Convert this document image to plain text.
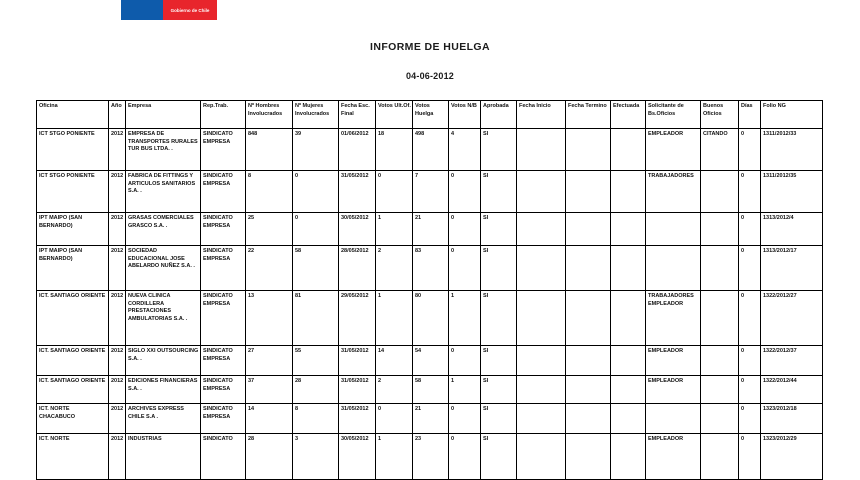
Gobierno de Chile
INFORME DE HUELGA
04-06-2012
Oficina	Año	Empresa	Rep.Trab.	Nº Hombres Involucrados	Nº Mujeres Involucrados	Fecha Esc. Final	Votos Ult.Of.	Votos Huelga	Votos N/B	Aprobada	Fecha Inicio	Fecha Termino	Efectuada	Solicitante de Bs.Oficios	Buenos Oficios	Días	Folio NG
ICT STGO PONIENTE	2012	EMPRESA DE TRANSPORTES RURALES TUR BUS LTDA. .	SINDICATO EMPRESA	848	39	01/06/2012	18	498	4	SI				EMPLEADOR	CITANDO	0	1311/2012/33
ICT STGO PONIENTE	2012	FABRICA DE FITTINGS Y ARTICULOS SANITARIOS S.A. .	SINDICATO EMPRESA	8	0	31/05/2012	0	7	0	SI				TRABAJADORES		0	1311/2012/35
IPT MAIPO (SAN BERNARDO)	2012	GRASAS COMERCIALES GRASCO S.A. .	SINDICATO EMPRESA	25	0	30/05/2012	1	21	0	SI						0	1313/2012/4
IPT MAIPO (SAN BERNARDO)	2012	SOCIEDAD EDUCACIONAL JOSE ABELARDO NUÑEZ S.A. .	SINDICATO EMPRESA	22	58	28/05/2012	2	83	0	SI						0	1313/2012/17
ICT. SANTIAGO ORIENTE	2012	NUEVA CLINICA CORDILLERA PRESTACIONES AMBULATORIAS S.A. .	SINDICATO EMPRESA	13	81	29/05/2012	1	80	1	SI				TRABAJADORES EMPLEADOR		0	1322/2012/27
ICT. SANTIAGO ORIENTE	2012	SIGLO XXI OUTSOURCING S.A. .	SINDICATO EMPRESA	27	55	31/05/2012	14	54	0	SI				EMPLEADOR		0	1322/2012/37
ICT. SANTIAGO ORIENTE	2012	EDICIONES FINANCIERAS S.A. .	SINDICATO EMPRESA	37	28	31/05/2012	2	58	1	SI				EMPLEADOR		0	1322/2012/44
ICT. NORTE CHACABUCO	2012	ARCHIVES EXPRESS CHILE S.A .	SINDICATO EMPRESA	14	8	31/05/2012	0	21	0	SI						0	1323/2012/18
ICT. NORTE	2012	INDUSTRIAS	SINDICATO	28	3	30/05/2012	1	23	0	SI				EMPLEADOR		0	1323/2012/29
